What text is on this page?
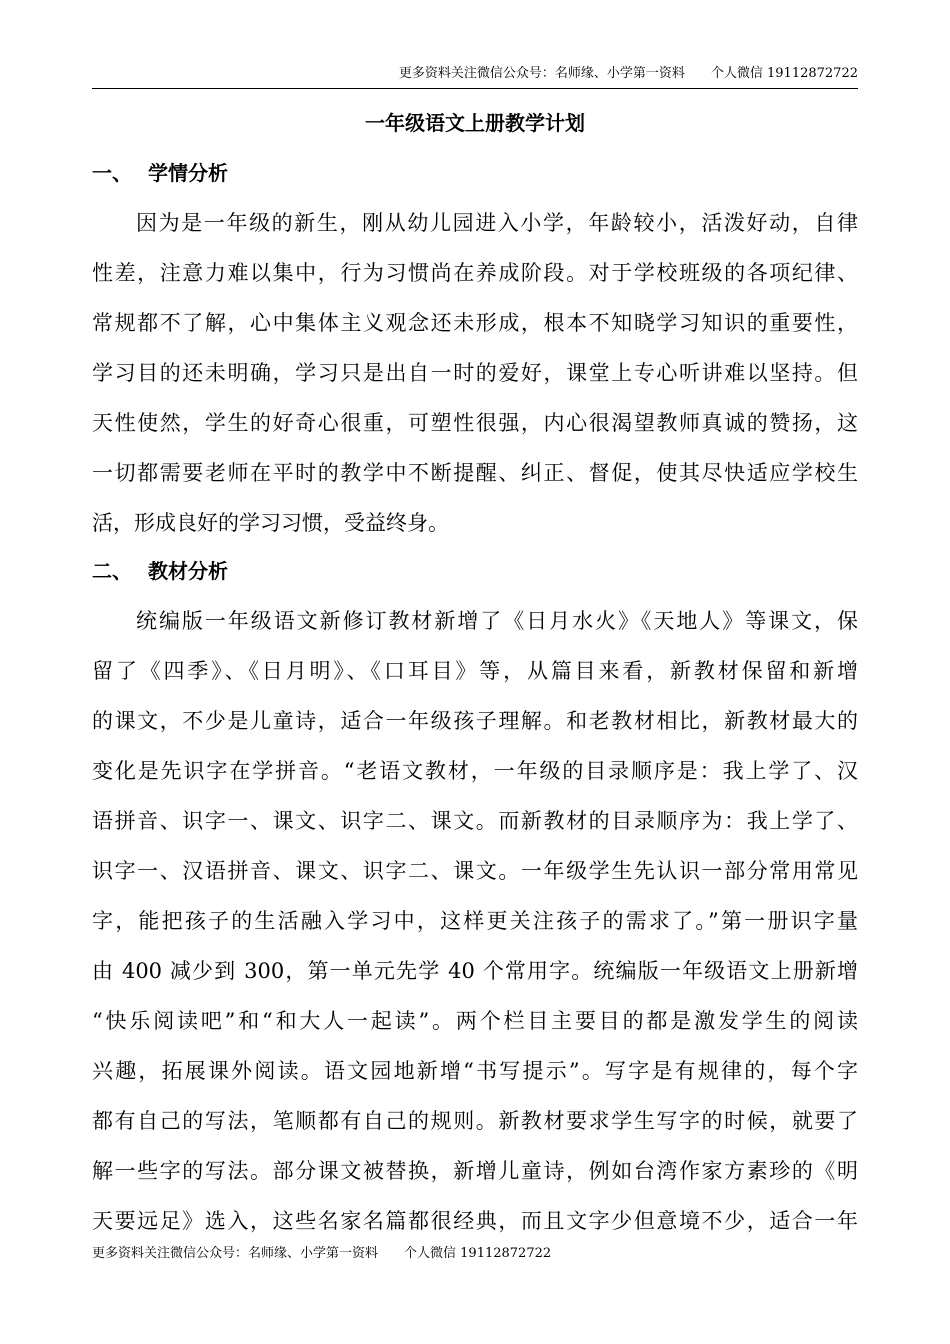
更多资料关注微信公众号：名师缘、小学第一资料 个人微信 19112872722
一年级语文上册教学计划
一、 学情分析
因为是一年级的新生，刚从幼儿园进入小学，年龄较小，活泼好动，自律
性差，注意力难以集中，行为习惯尚在养成阶段。对于学校班级的各项纪律、
常规都不了解，心中集体主义观念还未形成，根本不知晓学习知识的重要性，
学习目的还未明确，学习只是出自一时的爱好，课堂上专心听讲难以坚持。但
天性使然，学生的好奇心很重，可塑性很强，内心很渴望教师真诚的赞扬，这
一切都需要老师在平时的教学中不断提醒、纠正、督促，使其尽快适应学校生
活，形成良好的学习习惯，受益终身。
二、 教材分析
统编版一年级语文新修订教材新增了《日月水火》《天地人》等课文，保
留了《四季》、《日月明》、《口耳目》等，从篇目来看，新教材保留和新增
的课文，不少是儿童诗，适合一年级孩子理解。和老教材相比，新教材最大的
变化是先识字在学拼音。“老语文教材，一年级的目录顺序是：我上学了、汉
语拼音、识字一、课文、识字二、课文。而新教材的目录顺序为：我上学了、
识字一、汉语拼音、课文、识字二、课文。一年级学生先认识一部分常用常见
字，能把孩子的生活融入学习中，这样更关注孩子的需求了。”第一册识字量
由 400 减少到 300，第一单元先学 40 个常用字。统编版一年级语文上册新增
“快乐阅读吧”和“和大人一起读”。两个栏目主要目的都是激发学生的阅读
兴趣，拓展课外阅读。语文园地新增“书写提示”。写字是有规律的，每个字
都有自己的写法，笔顺都有自己的规则。新教材要求学生写字的时候，就要了
解一些字的写法。部分课文被替换，新增儿童诗，例如台湾作家方素珍的《明
天要远足》选入，这些名家名篇都很经典，而且文字少但意境不少，适合一年
更多资料关注微信公众号：名师缘、小学第一资料 个人微信 19112872722
